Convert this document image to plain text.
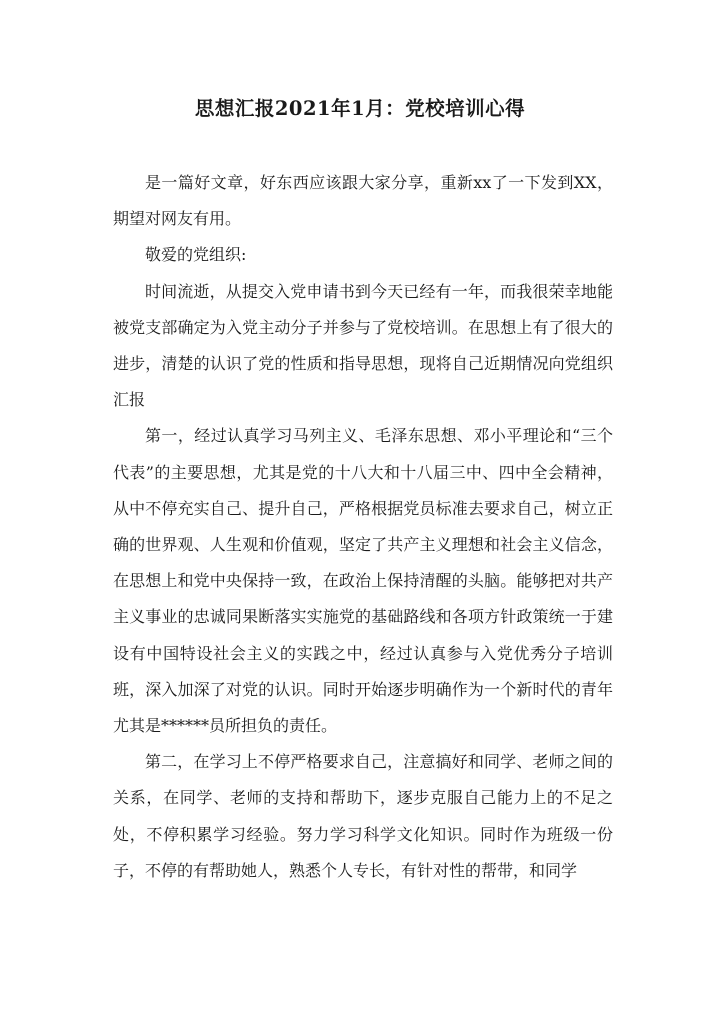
思想汇报2021年1月：党校培训心得

是一篇好文章，好东西应该跟大家分享，重新xx了一下发到XX，期望对网友有用。

敬爱的党组织:

时间流逝，从提交入党申请书到今天已经有一年，而我很荣幸地能被党支部确定为入党主动分子并参与了党校培训。在思想上有了很大的进步，清楚的认识了党的性质和指导思想，现将自己近期情况向党组织汇报

第一，经过认真学习马列主义、毛泽东思想、邓小平理论和“三个代表”的主要思想，尤其是党的十八大和十八届三中、四中全会精神，从中不停充实自己、提升自己，严格根据党员标准去要求自己，树立正确的世界观、人生观和价值观，坚定了共产主义理想和社会主义信念，在思想上和党中央保持一致，在政治上保持清醒的头脑。能够把对共产主义事业的忠诚同果断落实实施党的基础路线和各项方针政策统一于建设有中国特设社会主义的实践之中，经过认真参与入党优秀分子培训班，深入加深了对党的认识。同时开始逐步明确作为一个新时代的青年尤其是******员所担负的责任。

第二，在学习上不停严格要求自己，注意搞好和同学、老师之间的关系，在同学、老师的支持和帮助下，逐步克服自己能力上的不足之处，不停积累学习经验。努力学习科学文化知识。同时作为班级一份子，不停的有帮助她人，熟悉个人专长，有针对性的帮带，和同学
